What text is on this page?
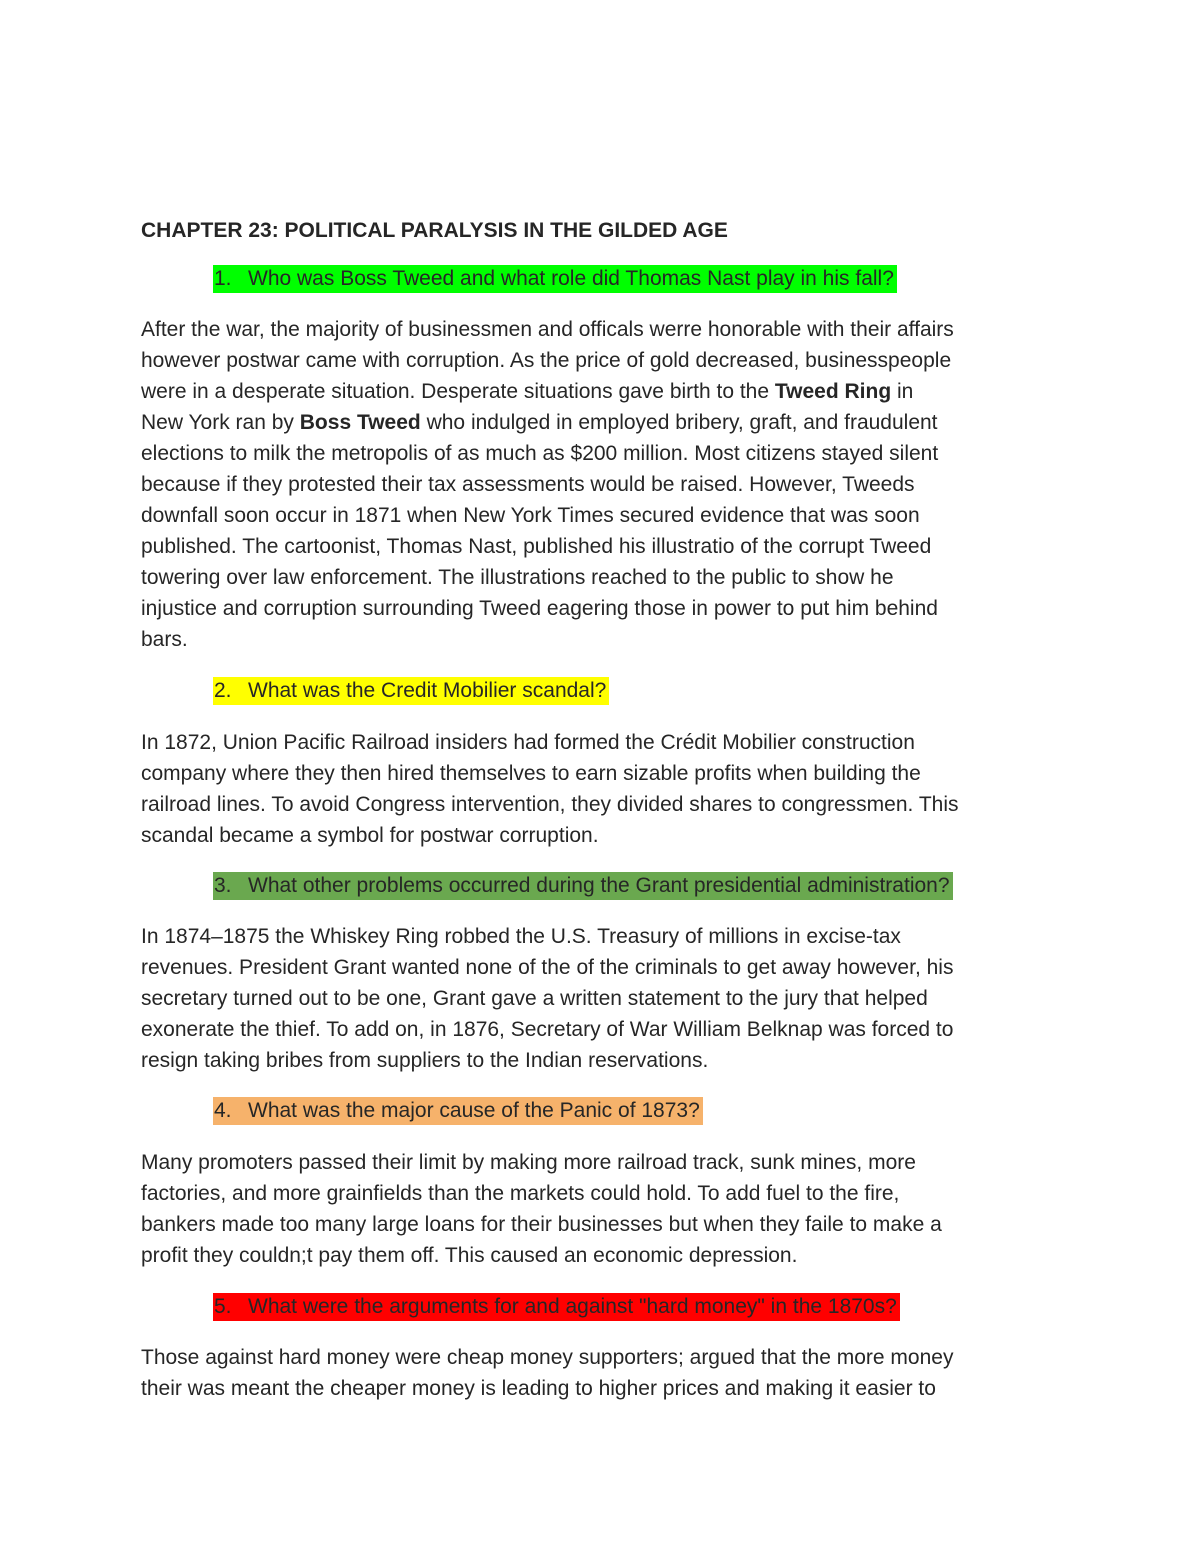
CHAPTER 23: POLITICAL PARALYSIS IN THE GILDED AGE
1. Who was Boss Tweed and what role did Thomas Nast play in his fall?
After the war, the majority of businessmen and officals werre honorable with their affairs
however postwar came with corruption. As the price of gold decreased, businesspeople
were in a desperate situation. Desperate situations gave birth to the Tweed Ring in
New York ran by Boss Tweed who indulged in employed bribery, graft, and fraudulent
elections to milk the metropolis of as much as $200 million. Most citizens stayed silent
because if they protested their tax assessments would be raised. However, Tweeds
downfall soon occur in 1871 when New York Times secured evidence that was soon
published. The cartoonist, Thomas Nast, published his illustratio of the corrupt Tweed
towering over law enforcement. The illustrations reached to the public to show he
injustice and corruption surrounding Tweed eagering those in power to put him behind
bars.
2. What was the Credit Mobilier scandal?
In 1872, Union Pacific Railroad insiders had formed the Crédit Mobilier construction
company where they then hired themselves to earn sizable profits when building the
railroad lines. To avoid Congress intervention, they divided shares to congressmen. This
scandal became a symbol for postwar corruption.
3. What other problems occurred during the Grant presidential administration?
In 1874–1875 the Whiskey Ring robbed the U.S. Treasury of millions in excise-tax
revenues. President Grant wanted none of the of the criminals to get away however, his
secretary turned out to be one, Grant gave a written statement to the jury that helped
exonerate the thief. To add on, in 1876, Secretary of War William Belknap was forced to
resign taking bribes from suppliers to the Indian reservations.
4. What was the major cause of the Panic of 1873?
Many promoters passed their limit by making more railroad track, sunk mines, more
factories, and more grainfields than the markets could hold. To add fuel to the fire,
bankers made too many large loans for their businesses but when they faile to make a
profit they couldn;t pay them off. This caused an economic depression.
5. What were the arguments for and against "hard money" in the 1870s?
Those against hard money were cheap money supporters; argued that the more money
their was meant the cheaper money is leading to higher prices and making it easier to
